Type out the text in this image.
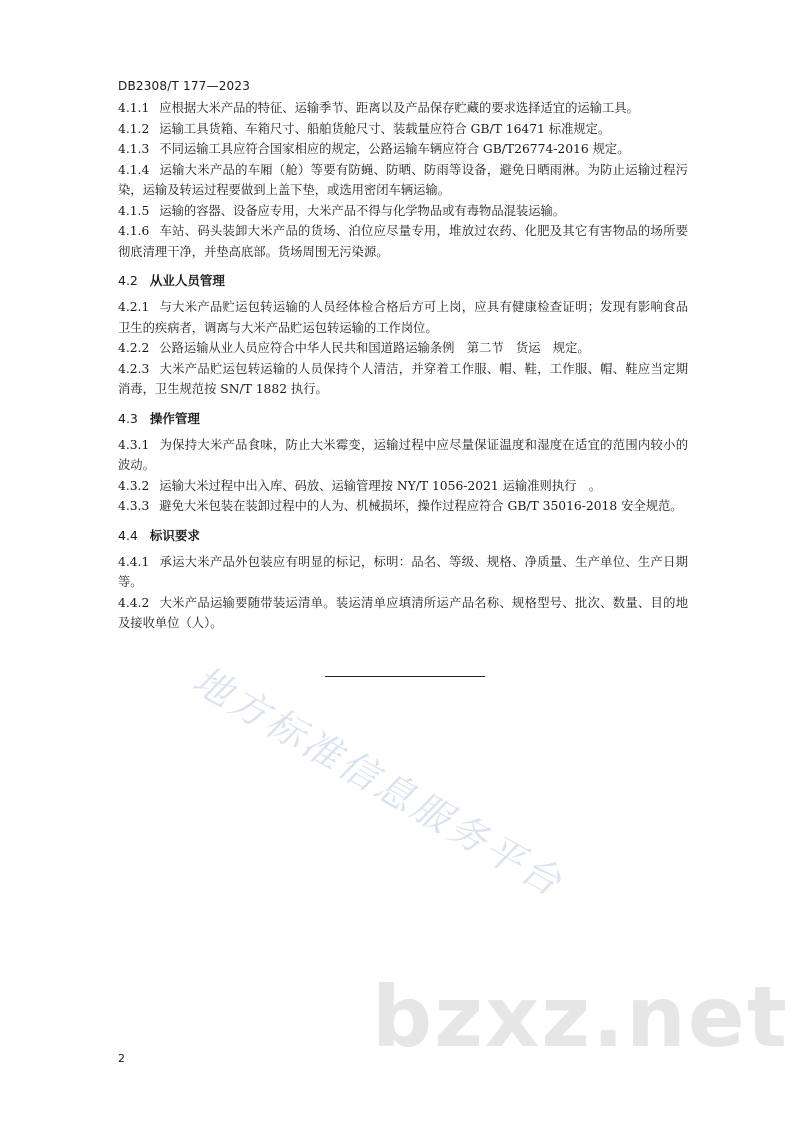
DB2308/T 177—2023

4.1.1 应根据大米产品的特征、运输季节、距离以及产品保存贮藏的要求选择适宜的运输工具。

4.1.2 运输工具货箱、车箱尺寸、船舶货舱尺寸、装载量应符合 GB/T 16471 标准规定。

4.1.3 不同运输工具应符合国家相应的规定，公路运输车辆应符合 GB/T26774-2016 规定。

4.1.4 运输大米产品的车厢（舱）等要有防蝇、防晒、防雨等设备，避免日晒雨淋。为防止运输过程污染，运输及转运过程要做到上盖下垫，或选用密闭车辆运输。

4.1.5 运输的容器、设备应专用，大米产品不得与化学物品或有毒物品混装运输。

4.1.6 车站、码头装卸大米产品的货场、泊位应尽量专用，堆放过农药、化肥及其它有害物品的场所要彻底清理干净，并垫高底部。货场周围无污染源。

4.2 从业人员管理

4.2.1 与大米产品贮运包转运输的人员经体检合格后方可上岗，应具有健康检查证明；发现有影响食品卫生的疾病者，调离与大米产品贮运包转运输的工作岗位。

4.2.2 公路运输从业人员应符合中华人民共和国道路运输条例　第二节　货运　规定。

4.2.3 大米产品贮运包转运输的人员保持个人清洁，并穿着工作服、帽、鞋，工作服、帽、鞋应当定期消毒，卫生规范按 SN/T 1882 执行。

4.3 操作管理

4.3.1 为保持大米产品食味，防止大米霉变，运输过程中应尽量保证温度和湿度在适宜的范围内较小的波动。

4.3.2 运输大米过程中出入库、码放、运输管理按 NY/T 1056-2021 运输准则执行　。

4.3.3 避免大米包装在装卸过程中的人为、机械损坏，操作过程应符合 GB/T 35016-2018 安全规范。

4.4 标识要求

4.4.1 承运大米产品外包装应有明显的标记，标明：品名、等级、规格、净质量、生产单位、生产日期等。

4.4.2 大米产品运输要随带装运清单。装运清单应填清所运产品名称、规格型号、批次、数量、目的地及接收单位（人）。

地方标准信息服务平台
bzxz.net
2
